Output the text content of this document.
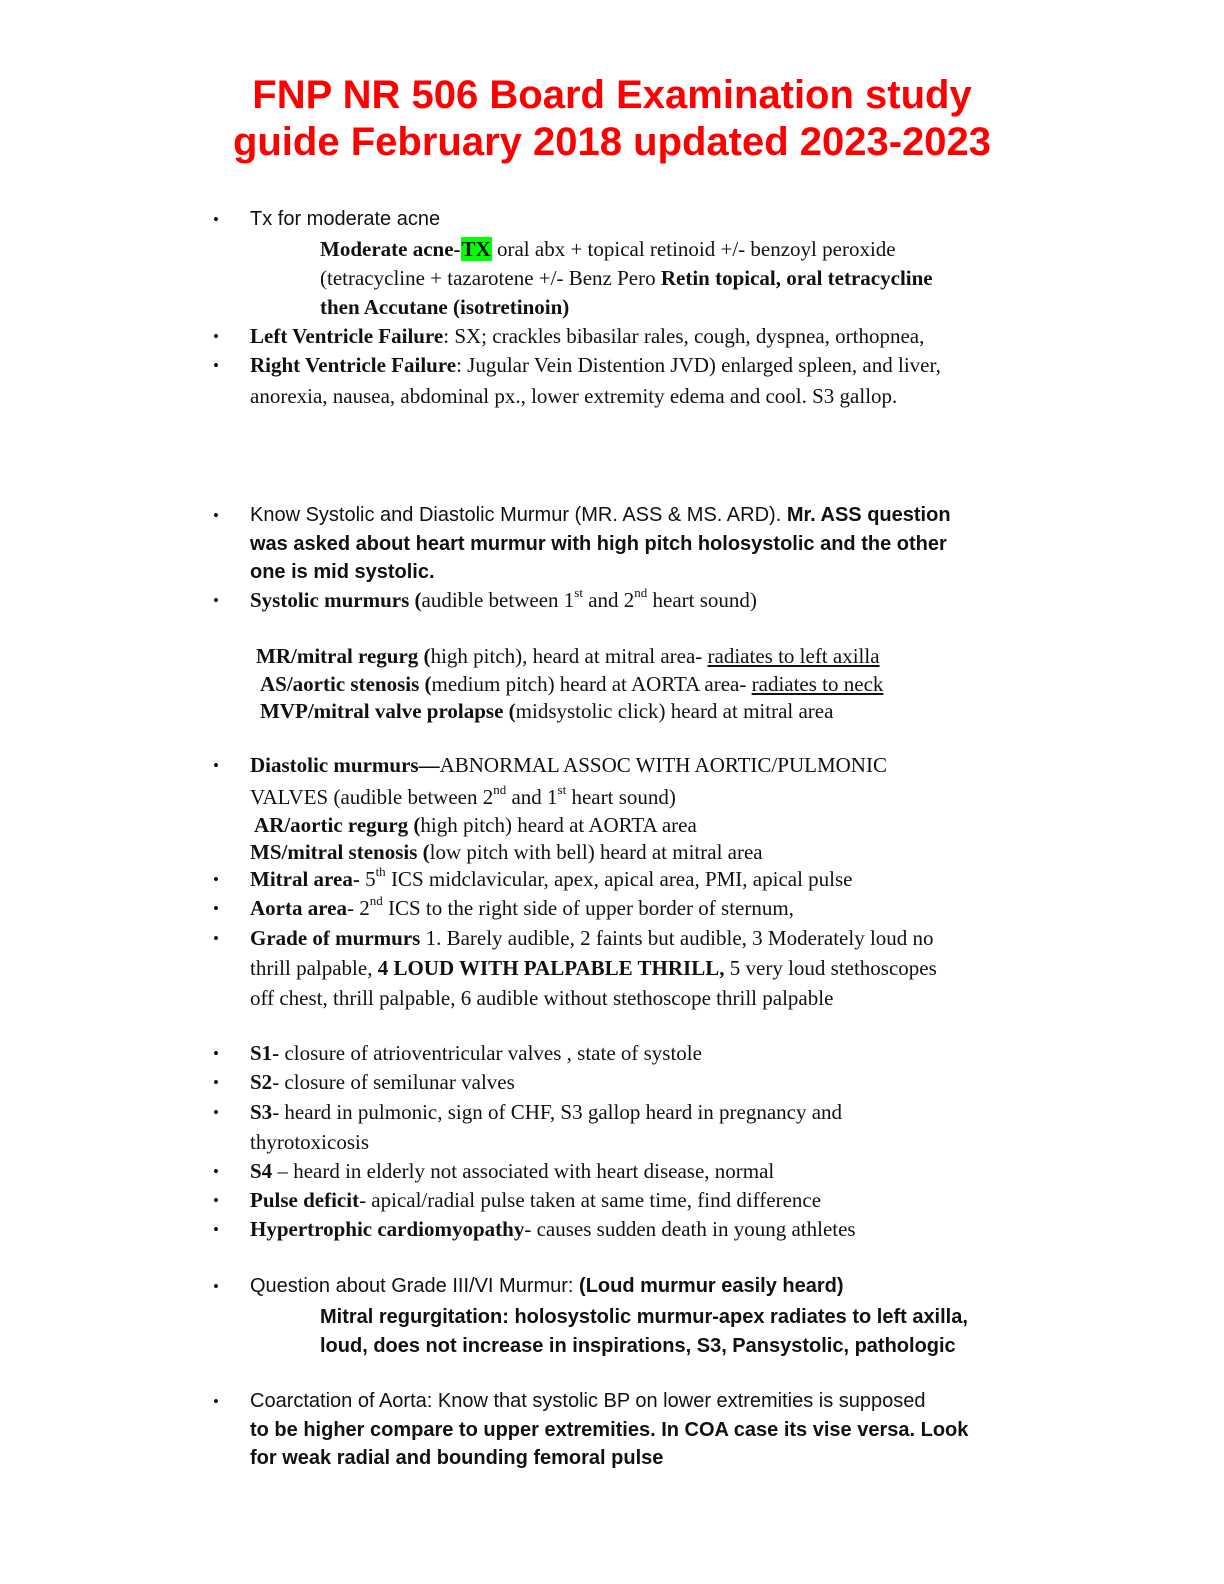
FNP NR 506 Board Examination study
guide February 2018 updated 2023-2023
• Tx for moderate acne
Moderate acne-TX oral abx + topical retinoid +/- benzoyl peroxide
(tetracycline + tazarotene +/- Benz Pero Retin topical, oral tetracycline
then Accutane (isotretinoin)
• Left Ventricle Failure: SX; crackles bibasilar rales, cough, dyspnea, orthopnea,
• Right Ventricle Failure: Jugular Vein Distention JVD) enlarged spleen, and liver,
anorexia, nausea, abdominal px., lower extremity edema and cool. S3 gallop.
• Know Systolic and Diastolic Murmur (MR. ASS & MS. ARD). Mr. ASS question
was asked about heart murmur with high pitch holosystolic and the other
one is mid systolic.
• Systolic murmurs (audible between 1st and 2nd heart sound)
MR/mitral regurg (high pitch), heard at mitral area- radiates to left axilla
AS/aortic stenosis (medium pitch) heard at AORTA area- radiates to neck
MVP/mitral valve prolapse (midsystolic click) heard at mitral area
• Diastolic murmurs—ABNORMAL ASSOC WITH AORTIC/PULMONIC
VALVES (audible between 2nd and 1st heart sound)
AR/aortic regurg (high pitch) heard at AORTA area
MS/mitral stenosis (low pitch with bell) heard at mitral area
• Mitral area- 5th ICS midclavicular, apex, apical area, PMI, apical pulse
• Aorta area- 2nd ICS to the right side of upper border of sternum,
• Grade of murmurs 1. Barely audible, 2 faints but audible, 3 Moderately loud no
thrill palpable, 4 LOUD WITH PALPABLE THRILL, 5 very loud stethoscopes
off chest, thrill palpable, 6 audible without stethoscope thrill palpable
• S1- closure of atrioventricular valves , state of systole
• S2- closure of semilunar valves
• S3- heard in pulmonic, sign of CHF, S3 gallop heard in pregnancy and
thyrotoxicosis
• S4 – heard in elderly not associated with heart disease, normal
• Pulse deficit- apical/radial pulse taken at same time, find difference
• Hypertrophic cardiomyopathy- causes sudden death in young athletes
• Question about Grade III/VI Murmur: (Loud murmur easily heard)
Mitral regurgitation: holosystolic murmur-apex radiates to left axilla,
loud, does not increase in inspirations, S3, Pansystolic, pathologic
• Coarctation of Aorta: Know that systolic BP on lower extremities is supposed
to be higher compare to upper extremities. In COA case its vise versa. Look
for weak radial and bounding femoral pulse
